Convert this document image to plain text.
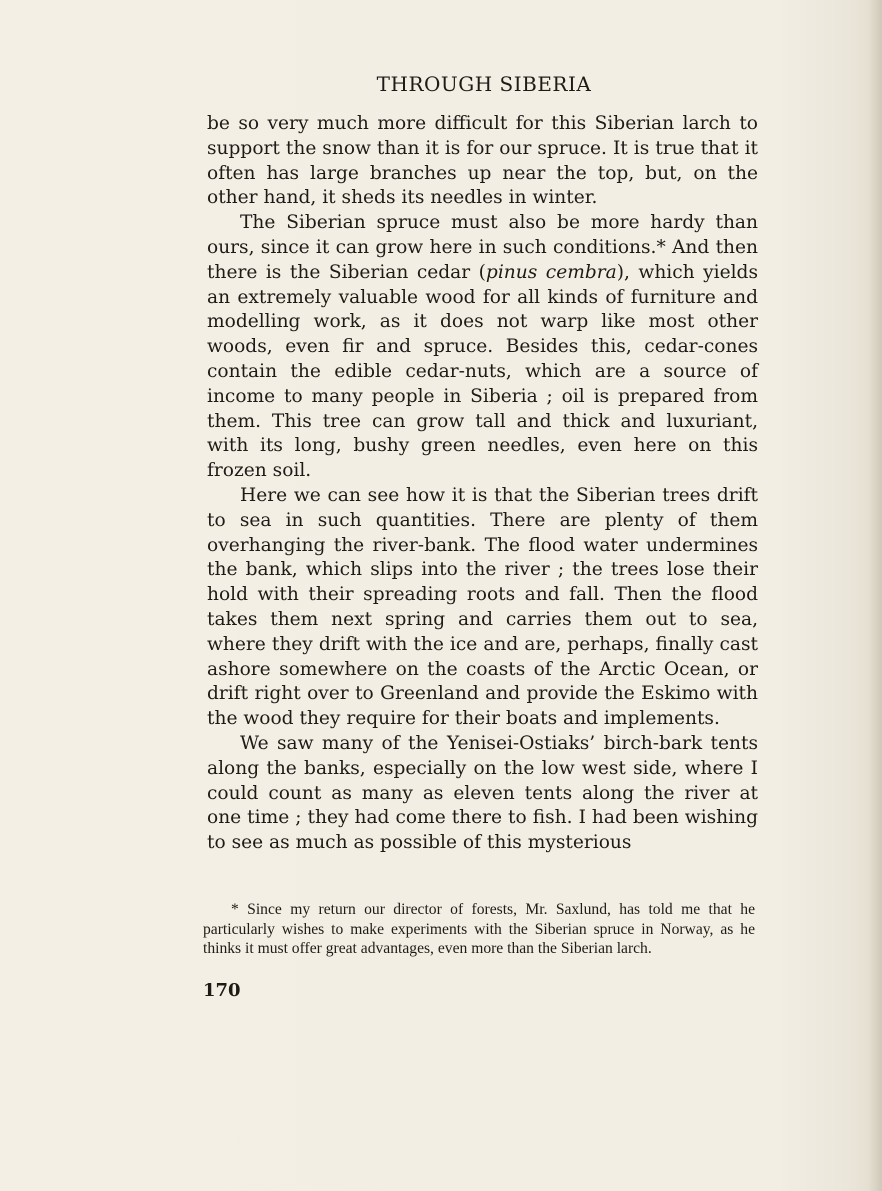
THROUGH SIBERIA

be so very much more difficult for this Siberian larch to support the snow than it is for our spruce. It is true that it often has large branches up near the top, but, on the other hand, it sheds its needles in winter.

The Siberian spruce must also be more hardy than ours, since it can grow here in such conditions.* And then there is the Siberian cedar (pinus cembra), which yields an extremely valuable wood for all kinds of furniture and modelling work, as it does not warp like most other woods, even fir and spruce. Besides this, cedar-cones contain the edible cedar-nuts, which are a source of income to many people in Siberia ; oil is prepared from them. This tree can grow tall and thick and luxuriant, with its long, bushy green needles, even here on this frozen soil.

Here we can see how it is that the Siberian trees drift to sea in such quantities. There are plenty of them overhanging the river-bank. The flood water undermines the bank, which slips into the river ; the trees lose their hold with their spreading roots and fall. Then the flood takes them next spring and carries them out to sea, where they drift with the ice and are, perhaps, finally cast ashore somewhere on the coasts of the Arctic Ocean, or drift right over to Greenland and provide the Eskimo with the wood they require for their boats and implements.

We saw many of the Yenisei-Ostiaks’ birch-bark tents along the banks, especially on the low west side, where I could count as many as eleven tents along the river at one time ; they had come there to fish. I had been wishing to see as much as possible of this mysterious

* Since my return our director of forests, Mr. Saxlund, has told me that he particularly wishes to make experiments with the Siberian spruce in Norway, as he thinks it must offer great advantages, even more than the Siberian larch.

170
